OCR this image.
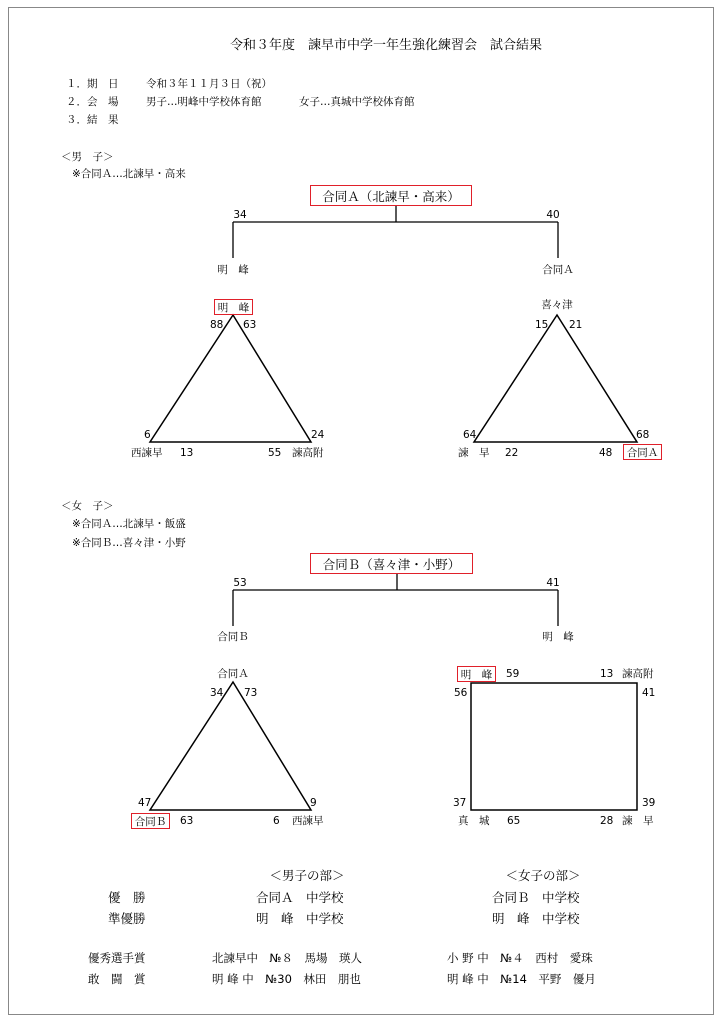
令和３年度　諫早市中学一年生強化練習会　試合結果
１．期　日	令和３年１１月３日（祝）
２．会　場	男子…明峰中学校体育館	女子…真城中学校体育館
３．結　果
＜男　子＞
※合同Ａ…北諫早・高来
合同Ａ（北諫早・高来）
34	40
明　峰	合同Ａ
明　峰
88 63
6
西諫早 13
24
55 諫高附
喜々津
15 21
64
諫　早 22
68
48	合同Ａ
＜女　子＞
※合同Ａ…北諫早・飯盛
※合同Ｂ…喜々津・小野
合同Ｂ（喜々津・小野）
53	41
合同Ｂ	明　峰
合同Ａ
34 73
47
合同Ｂ	63
9
6 西諫早
明　峰	59
56
13 諫高附
41
37
真　城 65
39
28 諫　早
＜男子の部＞	＜女子の部＞
優　勝	合同Ａ　中学校	合同Ｂ　中学校
準優勝	明　峰　中学校	明　峰　中学校
優秀選手賞	北諫早中　№８　馬場　瑛人	小 野 中　№４　西村　愛珠
敢　闘　賞	明 峰 中　№30　林田　朋也	明 峰 中　№14　平野　優月
